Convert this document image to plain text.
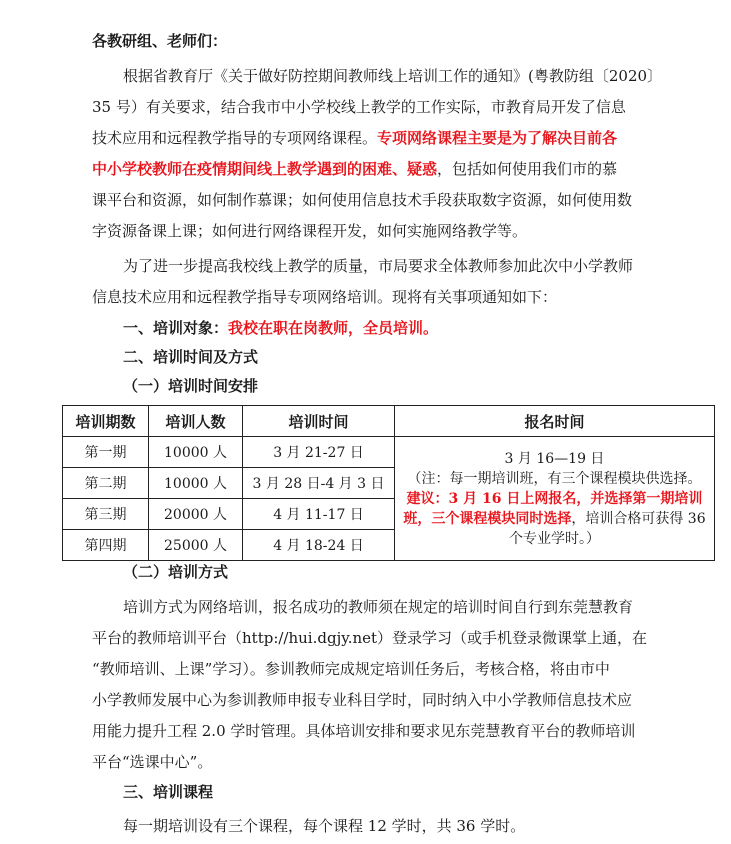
各教研组、老师们：
根据省教育厅《关于做好防控期间教师线上培训工作的通知》(粤教防组〔2020〕
35 号）有关要求，结合我市中小学校线上教学的工作实际，市教育局开发了信息
技术应用和远程教学指导的专项网络课程。专项网络课程主要是为了解决目前各
中小学校教师在疫情期间线上教学遇到的困难、疑惑，包括如何使用我们市的慕
课平台和资源，如何制作慕课；如何使用信息技术手段获取数字资源，如何使用数
字资源备课上课；如何进行网络课程开发，如何实施网络教学等。
为了进一步提高我校线上教学的质量，市局要求全体教师参加此次中小学教师
信息技术应用和远程教学指导专项网络培训。现将有关事项通知如下：
一、培训对象：我校在职在岗教师，全员培训。
二、培训时间及方式
（一）培训时间安排
培训期数	培训人数	培训时间	报名时间
第一期	10000 人	3 月 21-27 日	3 月 16—19 日
（注：每一期培训班，有三个课程模块供选择。
建议：3 月 16 日上网报名，并选择第一期培训班，三个课程模块同时选择，培训合格可获得 36 个专业学时。）
第二期	10000 人	3 月 28 日-4 月 3 日	
第三期	20000 人	4 月 11-17 日	
第四期	25000 人	4 月 18-24 日	
（二）培训方式
培训方式为网络培训，报名成功的教师须在规定的培训时间自行到东莞慧教育
平台的教师培训平台（http://hui.dgjy.net）登录学习（或手机登录微课掌上通，在
“教师培训、上课”学习）。参训教师完成规定培训任务后，考核合格，将由市中
小学教师发展中心为参训教师申报专业科目学时，同时纳入中小学教师信息技术应
用能力提升工程 2.0 学时管理。具体培训安排和要求见东莞慧教育平台的教师培训
平台“选课中心”。
三、培训课程
每一期培训设有三个课程，每个课程 12 学时，共 36 学时。
